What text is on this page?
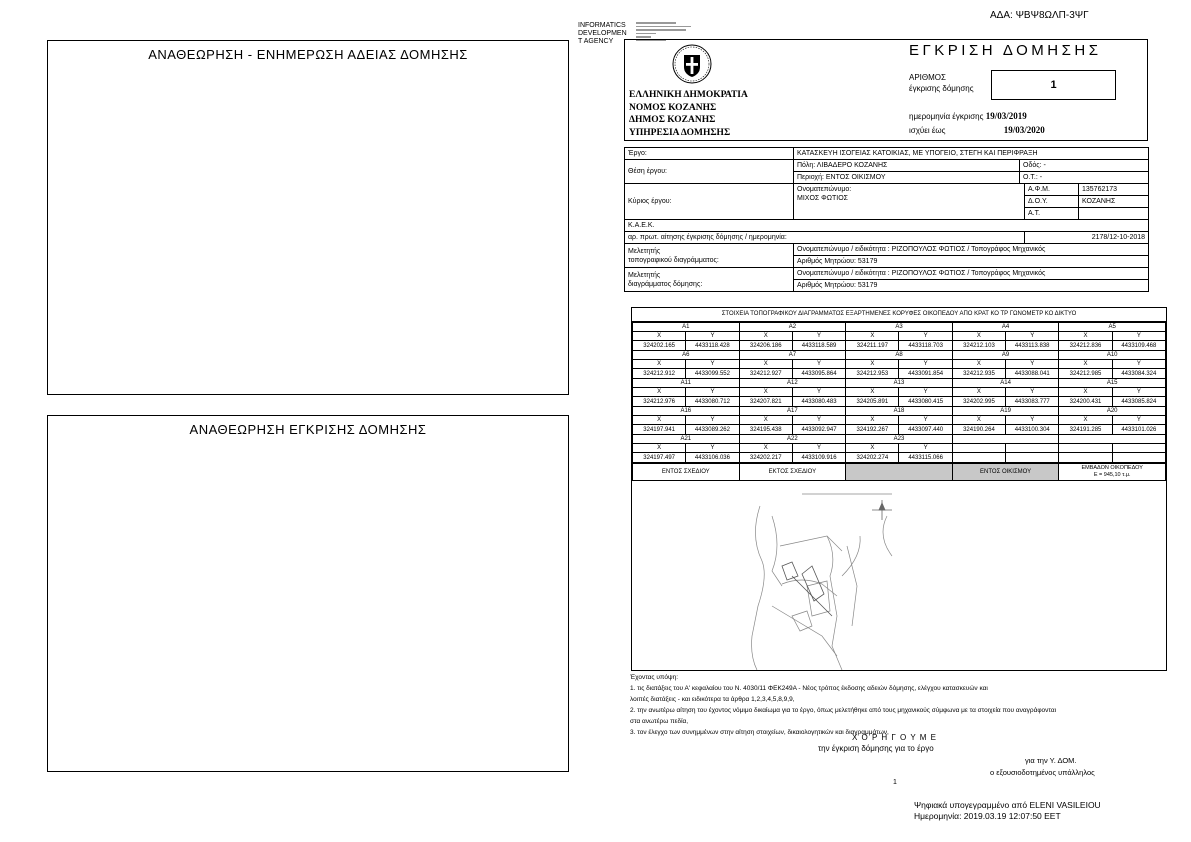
ΑΔΑ: ΨΒΨ8ΩΛΠ-3ΨΓ
ΑΝΑΘΕΩΡΗΣΗ - ΕΝΗΜΕΡΩΣΗ ΑΔΕΙΑΣ ΔΟΜΗΣΗΣ
ΑΝΑΘΕΩΡΗΣΗ ΕΓΚΡΙΣΗΣ ΔΟΜΗΣΗΣ
INFORMATICS
DEVELOPMEN
T AGENCY
ΕΛΛΗΝΙΚΗ ΔΗΜΟΚΡΑΤΙΑ
ΝΟΜΟΣ ΚΟΖΑΝΗΣ
ΔΗΜΟΣ ΚΟΖΑΝΗΣ
ΥΠΗΡΕΣΙΑ ΔΟΜΗΣΗΣ
ΕΓΚΡΙΣΗ ΔΟΜΗΣΗΣ
ΑΡΙΘΜΟΣ
έγκρισης δόμησης	1
ημερομηνία έγκρισης 19/03/2019
ισχύει έως	19/03/2020
Έργο:	ΚΑΤΑΣΚΕΥΗ ΙΣΟΓΕΙΑΣ ΚΑΤΟΙΚΙΑΣ, ΜΕ ΥΠΟΓΕΙΟ, ΣΤΕΓΗ ΚΑΙ ΠΕΡΙΦΡΑΞΗ			
Θέση έργου:	Πόλη: ΛΙΒΑΔΕΡΟ ΚΟΖΑΝΗΣ	Οδός: -		
	Περιοχή: ΕΝΤΟΣ ΟΙΚΙΣΜΟΥ	Ο.Τ.: -		
Κύριος έργου:	Ονοματεπώνυμο:
ΜΙΧΟΣ ΦΩΤΙΟΣ		Α.Φ.Μ.	135762173
			Δ.Ο.Υ.	ΚΟΖΑΝΗΣ
			Α.Τ.	
Κ.Α.Ε.Κ.				
αρ. πρωτ. αίτησης έγκρισης δόμησης / ημερομηνία:			2178/12-10-2018	

Μελετητής
τοπογραφικού διαγράμματος:	Ονοματεπώνυμο / ειδικότητα : ΡΙΖΟΠΟΥΛΟΣ ΦΩΤΙΟΣ / Τοπογράφος Μηχανικός			
	Αριθμός Μητρώου: 53179			

Μελετητής
διαγράμματος δόμησης:	Ονοματεπώνυμο / ειδικότητα : ΡΙΖΟΠΟΥΛΟΣ ΦΩΤΙΟΣ / Τοπογράφος Μηχανικός			
	Αριθμός Μητρώου: 53179			
ΣΤΟΙΧΕΙΑ ΤΟΠΟΓΡΑΦΙΚΟΥ ΔΙΑΓΡΑΜΜΑΤΟΣ ΕΞΑΡΤΗΜΕΝΕΣ ΚΟΡΥΦΕΣ ΟΙΚΟΠΕΔΟΥ ΑΠΟ ΚΡΑΤ ΚΟ ΤΡ ΓΩΝΟΜΕΤΡ ΚΟ ΔΙΚΤΥΟ
A1		A2		A3		A4		A5	
X	Y	X	Y	X	Y	X	Y	X	Y
324202.165	4433118.428	324206.186	4433118.589	324211.197	4433118.703	324212.103	4433113.838	324212.836	4433109.468
A6		A7		A8		A9		A10	
X	Y	X	Y	X	Y	X	Y	X	Y
324212.912	4433099.552	324212.927	4433095.864	324212.953	4433091.854	324212.935	4433088.041	324212.985	4433084.324
A11		A12		A13		A14		A15	
X	Y	X	Y	X	Y	X	Y	X	Y
324212.976	4433080.712	324207.821	4433080.483	324205.891	4433080.415	324202.995	4433083.777	324200.431	4433085.824
A16		A17		A18		A19		A20	
X	Y	X	Y	X	Y	X	Y	X	Y
324197.941	4433089.262	324195.438	4433092.947	324192.267	4433097.440	324190.264	4433100.304	324191.285	4433101.026
A21		A22		A23					
X	Y	X	Y	X	Y				
324197.497	4433106.036	324202.217	4433109.916	324202.274	4433115.066				
ΕΝΤΟΣ ΣΧΕΔΙΟΥ	ΕΚΤΟΣ ΣΧΕΔΙΟΥ		ΕΝΤΟΣ ΟΙΚΙΣΜΟΥ	
ΕΜΒΑΔΟΝ ΟΙΚΟΠΕΔΟΥ
Ε = 945,10 τ.μ.
Έχοντας υπόψη:
1. τις διατάξεις του Α' κεφαλαίου του Ν. 4030/11 ΦΕΚ249Α - Νέος τρόπος έκδοσης αδειών δόμησης, ελέγχου κατασκευών και
λοιπές διατάξεις - και ειδικότερα τα άρθρα 1,2,3,4,5,8,9,9,
2. την ανωτέρω αίτηση του έχοντος νόμιμο δικαίωμα για το έργο, όπως μελετήθηκε από τους μηχανικούς σύμφωνα με τα στοιχεία που αναγράφονται
στα ανωτέρω πεδία,
3. τον έλεγχο των συνημμένων στην αίτηση στοιχείων, δικαιολογητικών και διαγραμμάτων,
Χ Ο Ρ Η Γ Ο Υ Μ Ε
την έγκριση δόμησης για το έργο
για την Υ. ΔΟΜ.
ο εξουσιοδοτημένος υπάλληλος
1
Ψηφιακά υπογεγραμμένο από ELENI VASILEIOU
Ημερομηνία: 2019.03.19 12:07:50 EET
